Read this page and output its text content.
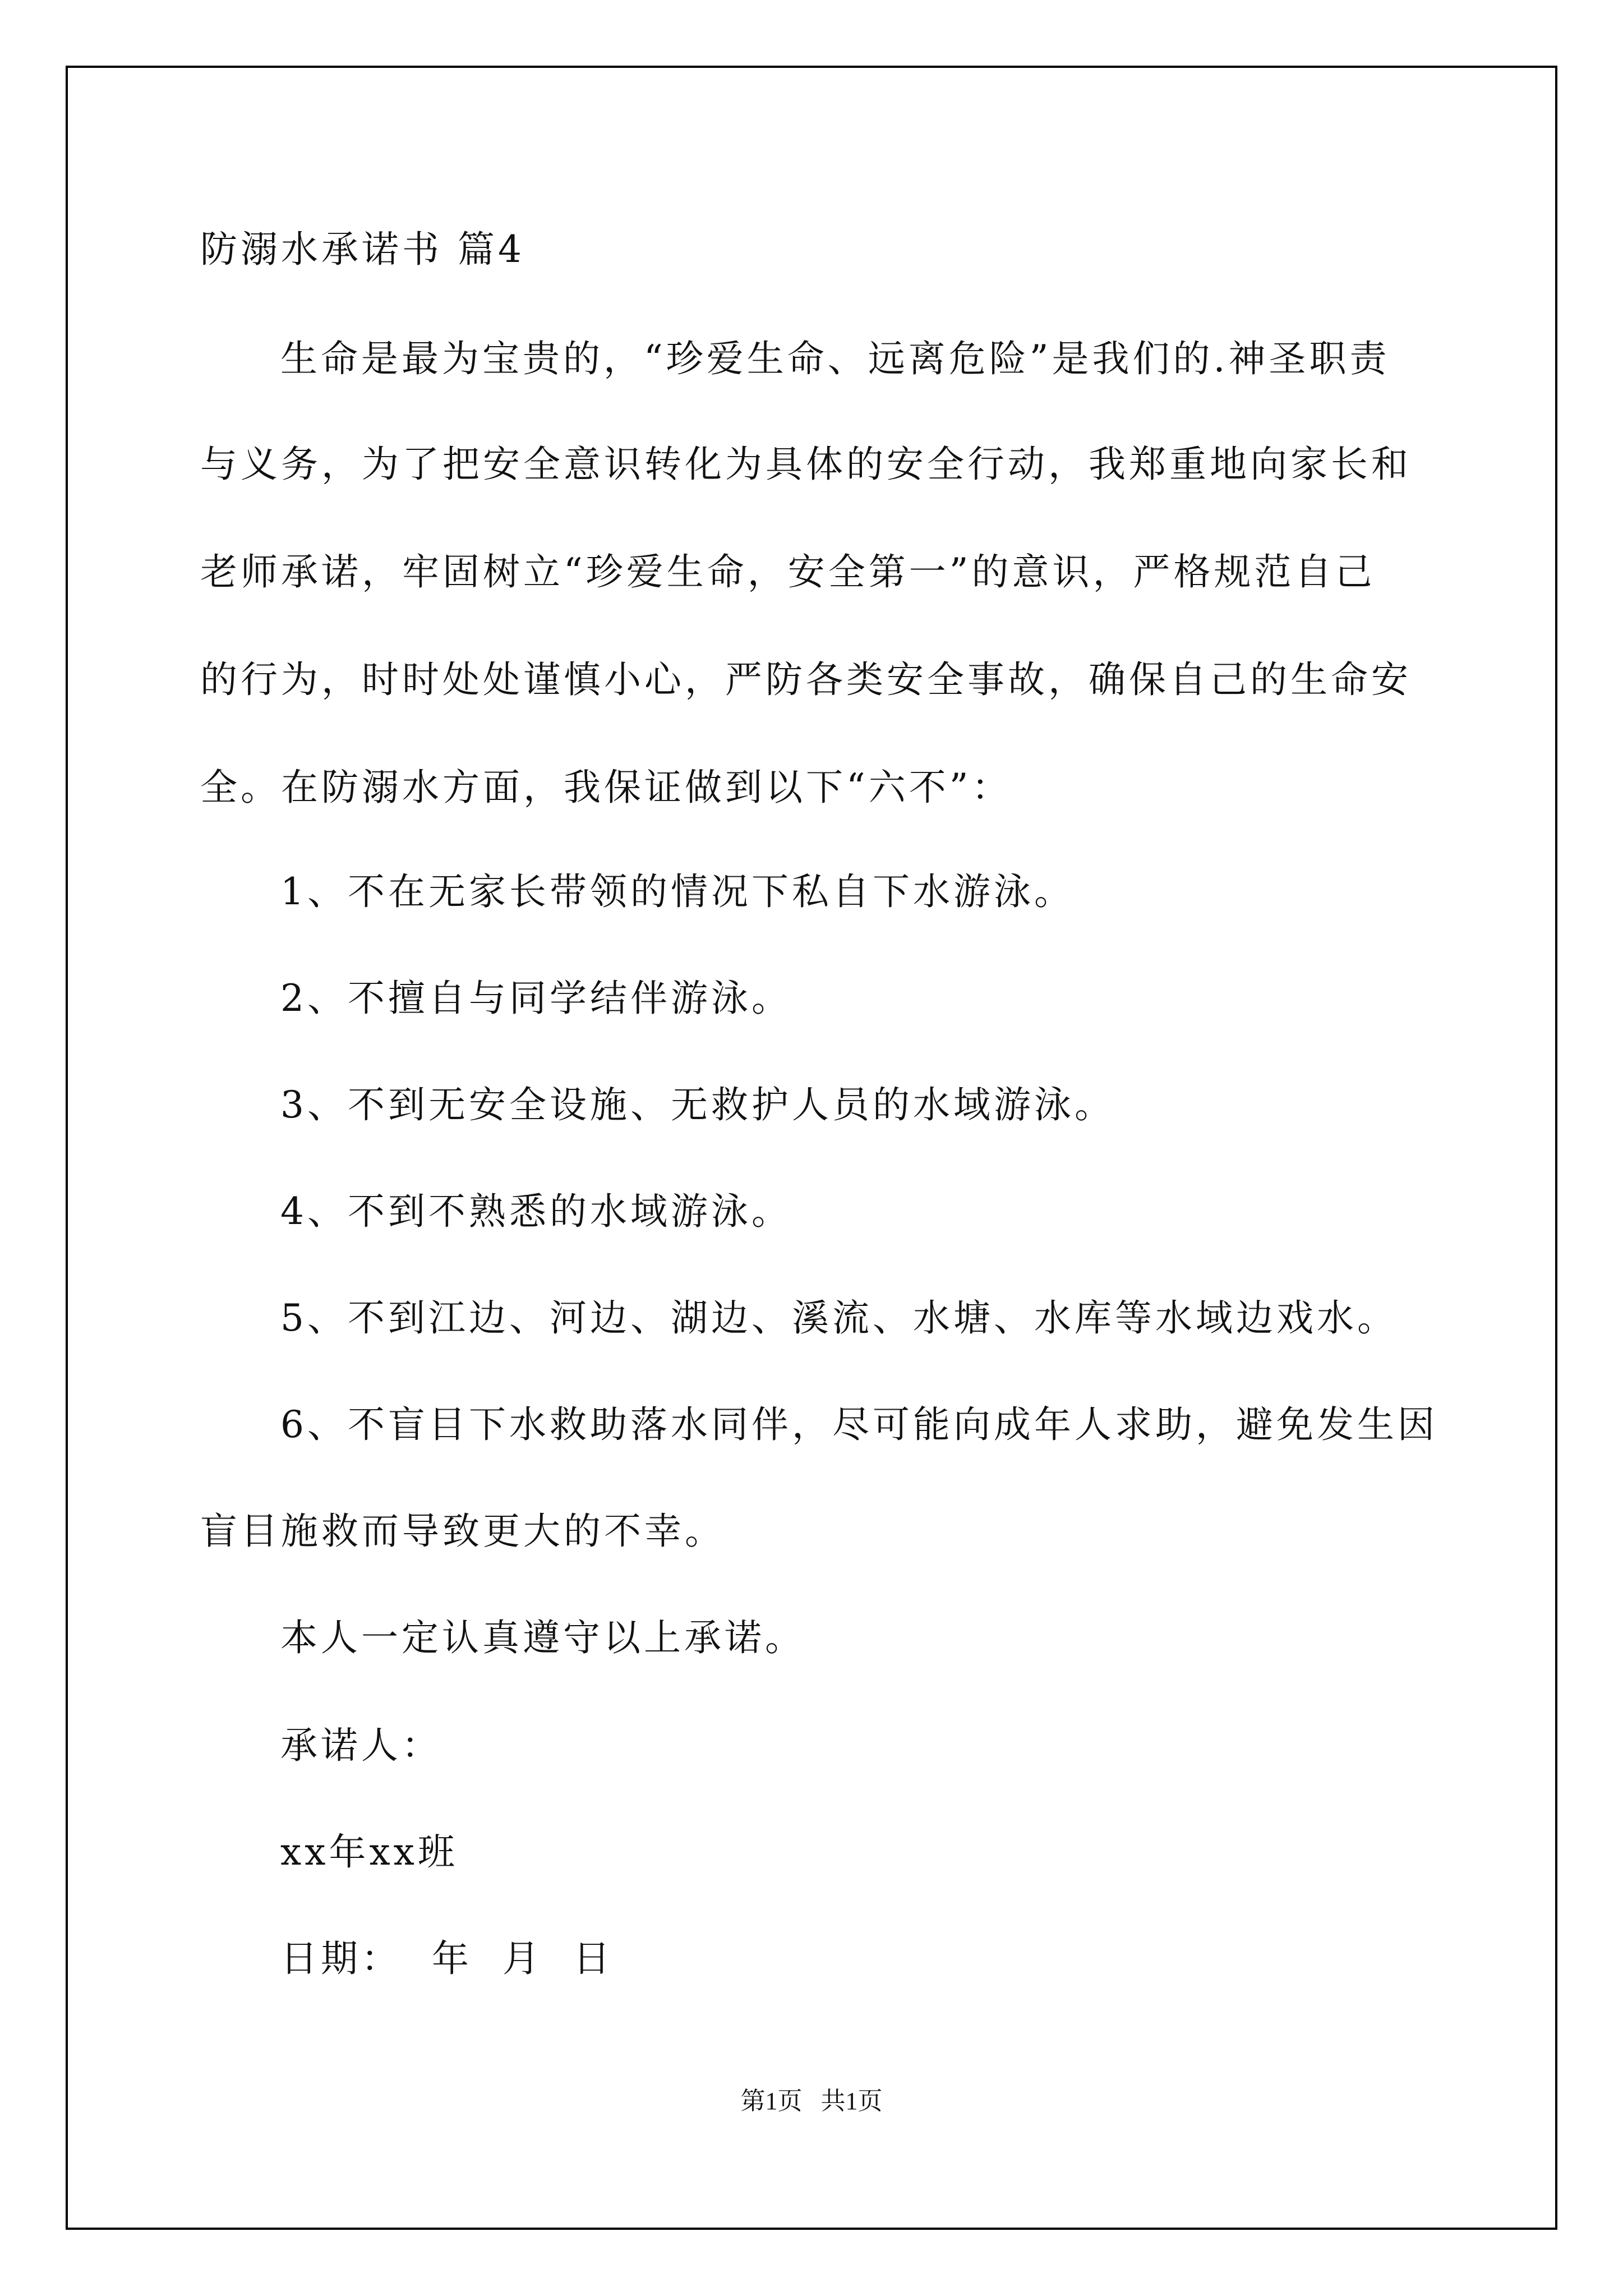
防溺水承诺书 篇4
生命是最为宝贵的，“珍爱生命、远离危险”是我们的.神圣职责
与义务，为了把安全意识转化为具体的安全行动，我郑重地向家长和
老师承诺，牢固树立“珍爱生命，安全第一”的意识，严格规范自己
的行为，时时处处谨慎小心，严防各类安全事故，确保自己的生命安
全。在防溺水方面，我保证做到以下“六不”：
1、不在无家长带领的情况下私自下水游泳。
2、不擅自与同学结伴游泳。
3、不到无安全设施、无救护人员的水域游泳。
4、不到不熟悉的水域游泳。
5、不到江边、河边、湖边、溪流、水塘、水库等水域边戏水。
6、不盲目下水救助落水同伴，尽可能向成年人求助，避免发生因
盲目施救而导致更大的不幸。
本人一定认真遵守以上承诺。
承诺人：
xx年xx班
日期：  年  月  日
第1页   共1页
